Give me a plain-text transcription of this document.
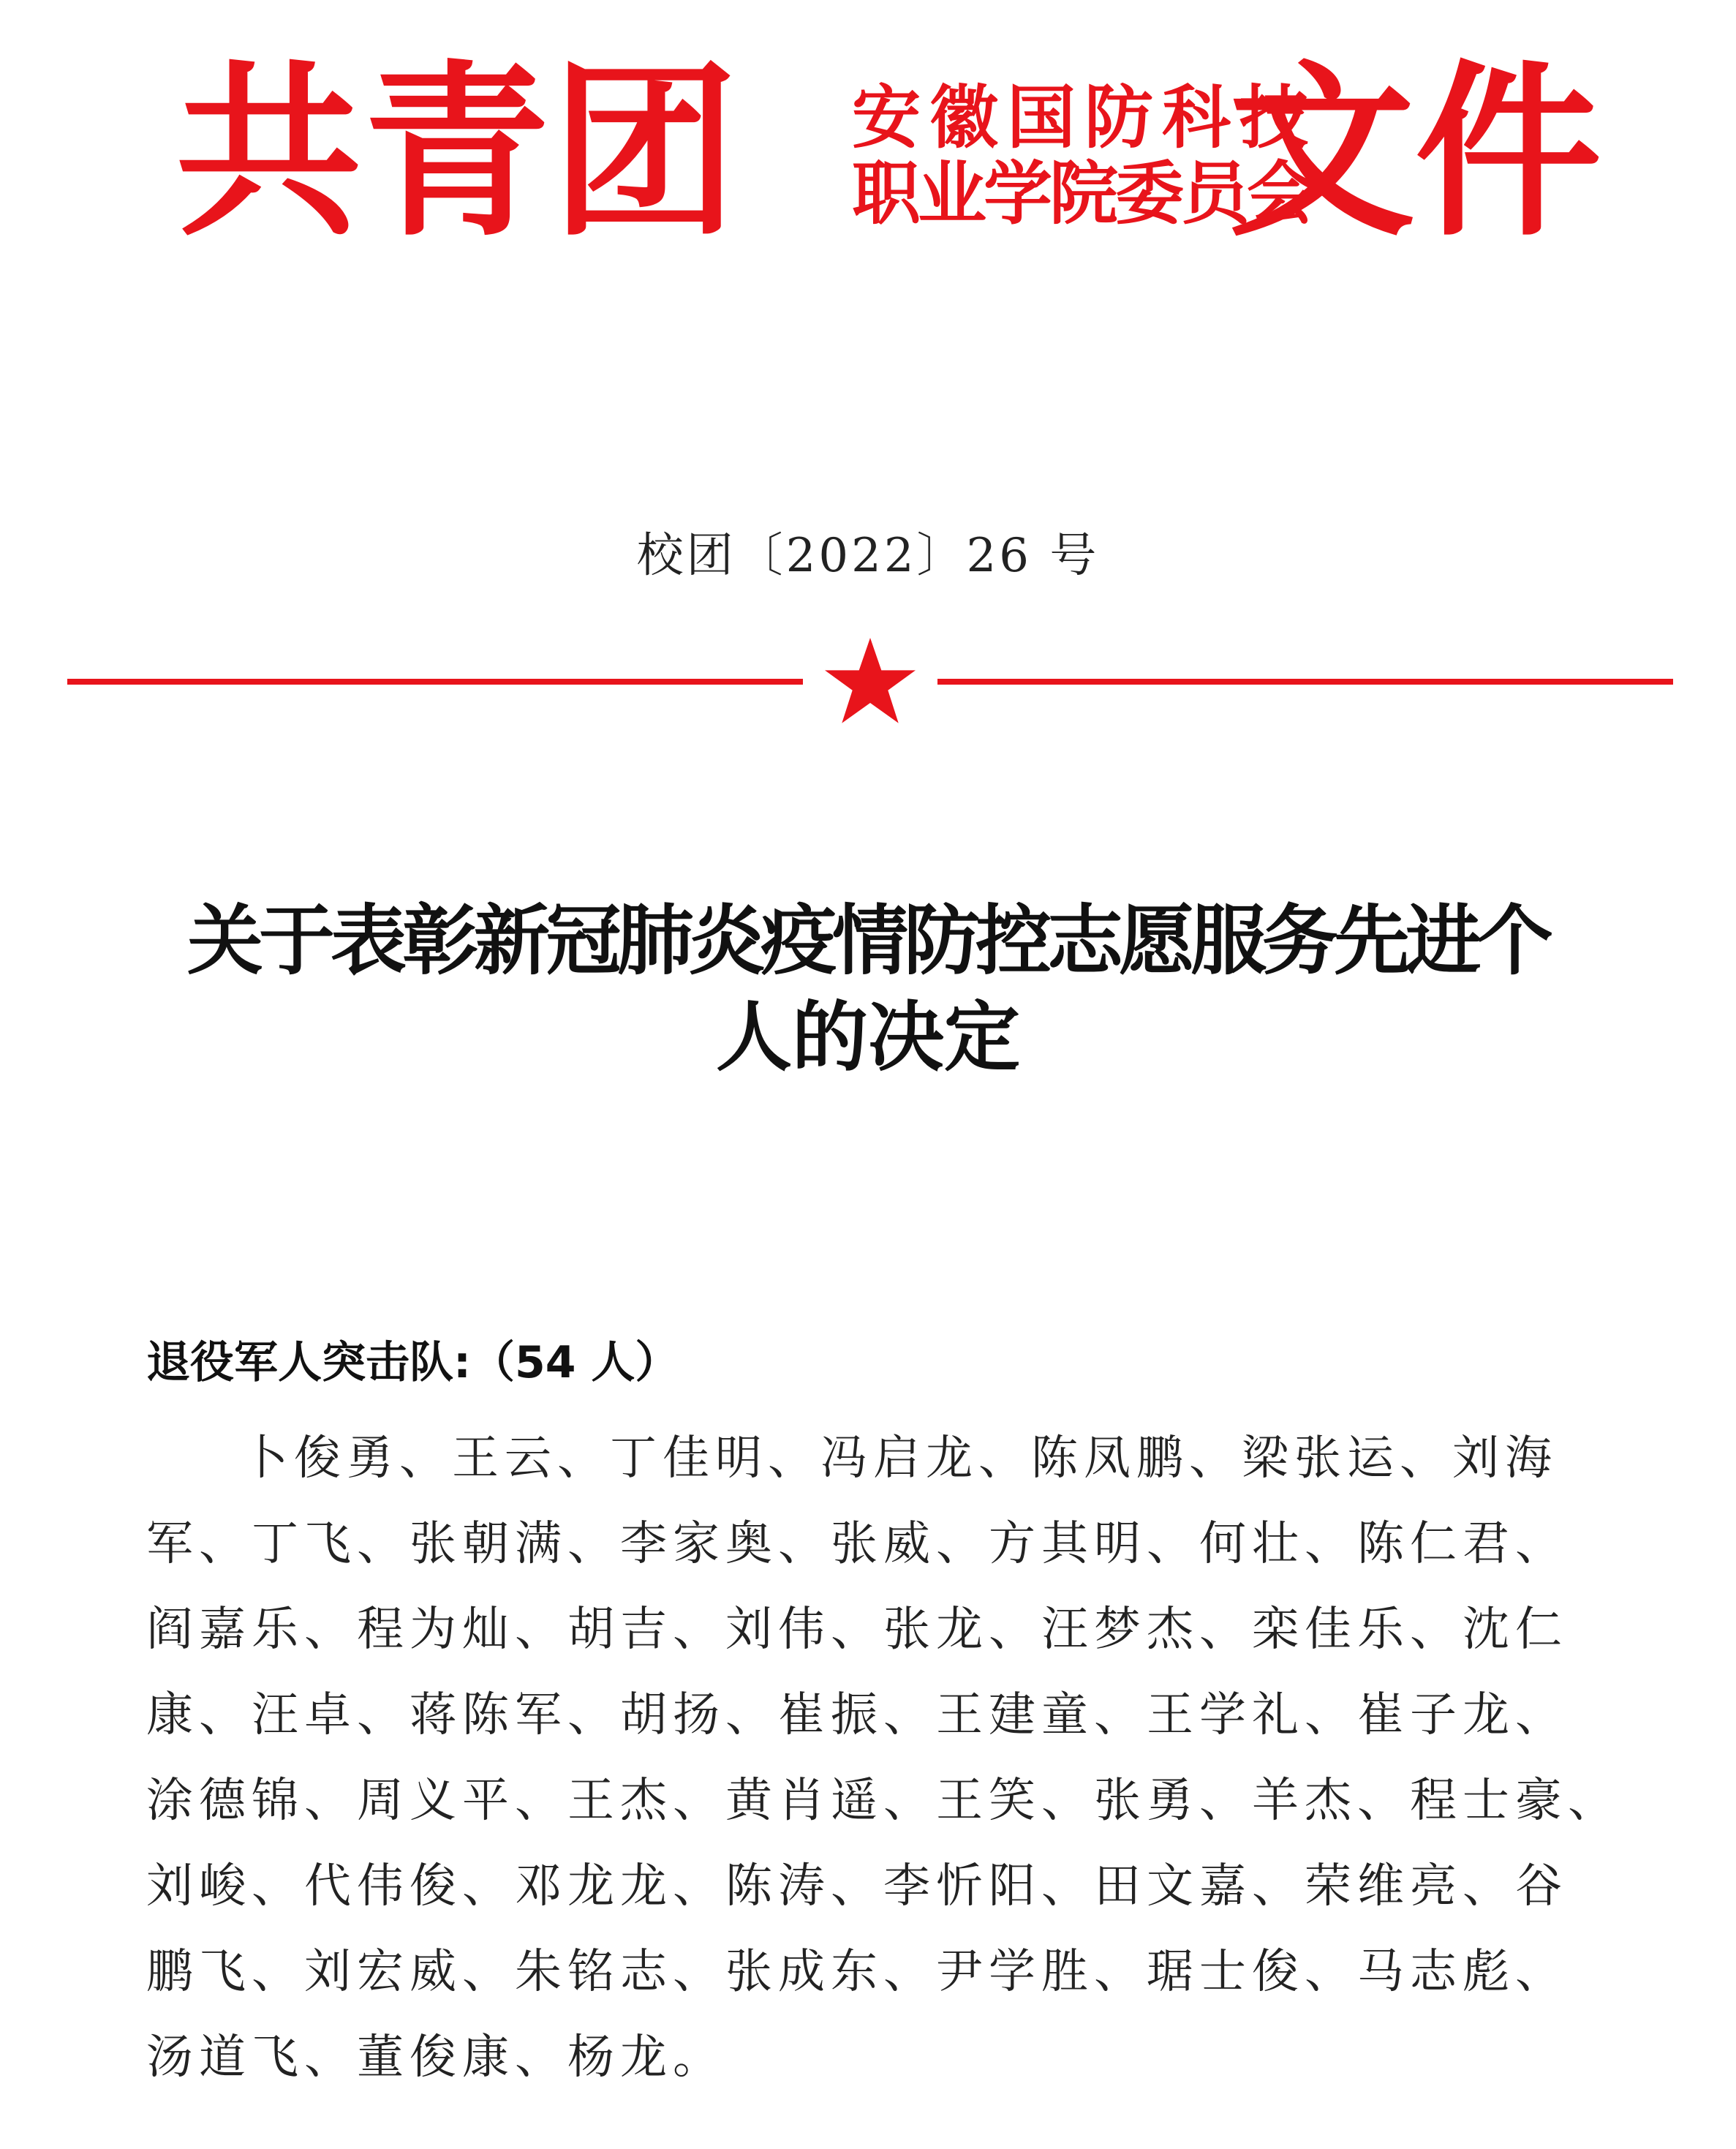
共青团 安徽国防科技
职业学院委员会
文件
校团〔2022〕26 号
关于表彰新冠肺炎疫情防控志愿服务先进个
人的决定
退役军人突击队:（54 人）
卜俊勇、王云、丁佳明、冯启龙、陈凤鹏、梁张运、刘海
军、丁飞、张朝满、李家奥、张威、方其明、何壮、陈仁君、
阎嘉乐、程为灿、胡吉、刘伟、张龙、汪梦杰、栾佳乐、沈仁
康、汪卓、蒋陈军、胡扬、崔振、王建童、王学礼、崔子龙、
涂德锦、周义平、王杰、黄肖遥、王笑、张勇、羊杰、程士豪、
刘峻、代伟俊、邓龙龙、陈涛、李忻阳、田文嘉、荣维亮、谷
鹏飞、刘宏威、朱铭志、张成东、尹学胜、琚士俊、马志彪、
汤道飞、董俊康、杨龙。
